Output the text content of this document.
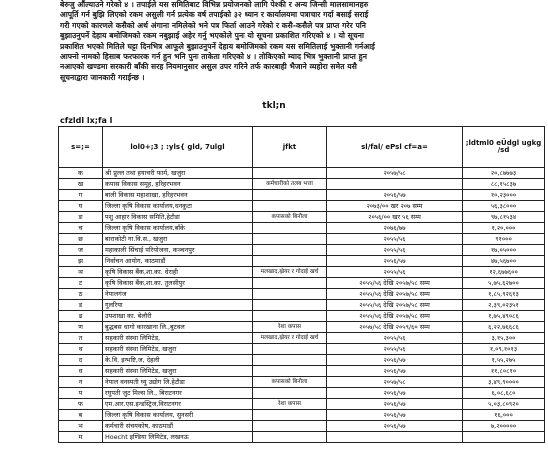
बेरुजु औंल्याउने गरेको ४ । तपाईले यस समितिबाट विभिन्न प्रयोजनको लागि पेश्की र अन्य जिन्सी मालसामानहरु
आपूर्ति गर्न बुझि लिएको रकम असुली गर्न प्रत्येक वर्ष तपाईको ३२ ध्यान र कार्यालयमा पत्राचार गर्दा बसाई सराई
गरी गएको कारणले कसैको अर्थ अंगाना नमिलेको भने पत्र फिर्ता आउने गरेको र कसै-कसैले पत्र प्राप्त गरेर पनि
बुझाउनुपर्ने देहाय बमोजिमको रकम नबुझाई अहेर गर्नु भएकोले पुनः यो सूचना प्रकाशित गरिएको ४ । यो सूचना
प्रकाशित भएको मितिले घट्टा दिनभित्र आफूले बुझाउनुपर्ने देहाय बमोजिमको रकम यस समितिलाई भुक्तानी गर्नआई
आफ्नो नामको हिसाब फरफारक गर्न हुन भनि पुनः ताकेता गरिएको ४ । तोकिएको म्याद भित्र भुक्तानी प्राप्त हुन
नआएको खण्डमा सरकारी बाँकी सरह नियमानुसार असुल उपर गरिने तर्फ कारबाही भैजाने व्यहोरा समेत यसै
सूचनाद्वारा जानकारी गराईन्छ ।
tkl;n
cfzldl lx;fa l
s=;=	lol0+;3 ; :yls{ gld, 7ulgl	jfkt	sl/fal/ ePsl cf=a=	;ldtml0 eÜdgl ugkg /sd
क	श्री प्रुल्ल तथा हयाचरी फार्म, खजुरा		२०५७/५८	२०,८७७७३
ख	कपास विकास समूह, हरिहरभवन	कर्मचारीको तलब भत्ता		८८,१५८३७
ग	बाली विकास महाशाखा, हरिहरभवन		२०५६/५७	१०,२३०००
घ	जिल्ला कृषि विकास कार्यालय,धनकुटा		२०७३/०० खर २०७ सम्म	५६,३८०००
ङ	पशु आहार विकास समिति,हेटौडा	कपासको बिनौला	२०५६/०० खर ५६ सम्म	९७,८१५३४
च	जिल्ला कृषि विकास कार्यालय,बाँके		२०७६/७७	१,२०,०००
छ	बाराकोटी गा.वि.स., खजुरा		२०५५/५६	९१०००
ज	महाकाली सिंचाई परियोजना, कञ्चनपुर		२०५५/५६	१७,०५०००
झ	निर्वाचन आयोग, काठमाडौं		२०५६/५७	४७,५६७००
ञ	कृषि विकास बैंक,शा.का. धेराही	मलखाद,ख्रेयर र गोदाई खर्च	२०५५/५६	१२,६७७६००
ट	कृषि विकास बैंक,शा.का. तुलसीपुर		२०५५/५६ देखि २०५७/५८ सम्म	५,७५,६२७००
ठ	नेपालगंज		२०५५/५६ देखि २०५७/५८ सम्म	१,८५,९२६१३
ड	गुलरिया		२०५५/५६ देखि २०५७/५८ सम्म	२,३९,०२३५१
ढ	उपशाखा का. बेलौरी		२०५५/५६ देखि २०५७/५८ सम्म	१,७५,४९०८६
ण	बुद्धबस धागो कारखाना लि.,बुटवल	रेशा कपास	२०५७/५८ देखि २०५९/६० सम्म	६,२२,७६६८६
त	सहकारी संस्था लिमिटेड,	मलखाद,ख्रेयर र गोदाई खर्च	२०५५/५६	३,१५,३००
थ	सहकारी संस्था लिमिटेड, खजुरा		२०५५/५६	१,०९,१०१३
द	के.वि. इन्भष्टि,ज, देहली		२०५६/५७	१,५५,२७५
ध	सहकारी संस्था लिमिटेड, खजुरा		२०५६/५७	११,८०८१०
न	नेपाल वनस्पती घ्यु उद्योग लि.हेटौडा	कपासको बिनौला	२०५७/५८	३,४९,९००००
प	रघुपती जुट मिल्स लि., बिराटनगर		२०५६/५७	६,०८,६८०
फ	एम.आर.एस.इन्डस्ट्रिज,विराटनगर	रेशा कपास	२०५६/५७	५,०३,८०९२०
ब	जिल्ला कृषि विकास कार्यालय, सुनसरी		२०५६/५७	१६,०००
भ	कर्मचारी संचयकोष, काठमाडौं		२०५६/५७	७,२०००००
म	Hoecht इण्डिया लिमिटेड, लखनऊ			
